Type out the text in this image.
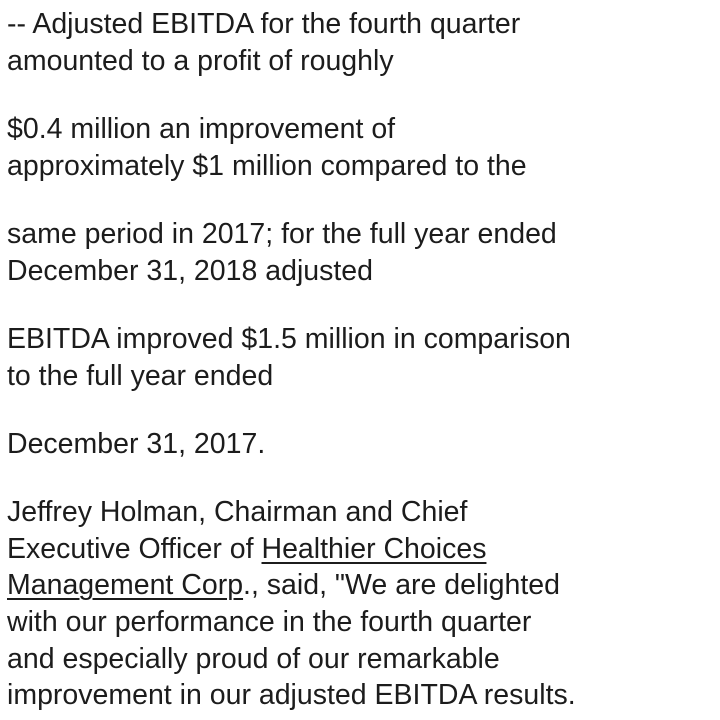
-- Adjusted EBITDA for the fourth quarter
amounted to a profit of roughly
$0.4 million an improvement of
approximately $1 million compared to the
same period in 2017; for the full year ended
December 31, 2018 adjusted
EBITDA improved $1.5 million in comparison
to the full year ended
December 31, 2017.
Jeffrey Holman, Chairman and Chief
Executive Officer of Healthier Choices
Management Corp., said, "We are delighted
with our performance in the fourth quarter
and especially proud of our remarkable
improvement in our adjusted EBITDA results.
